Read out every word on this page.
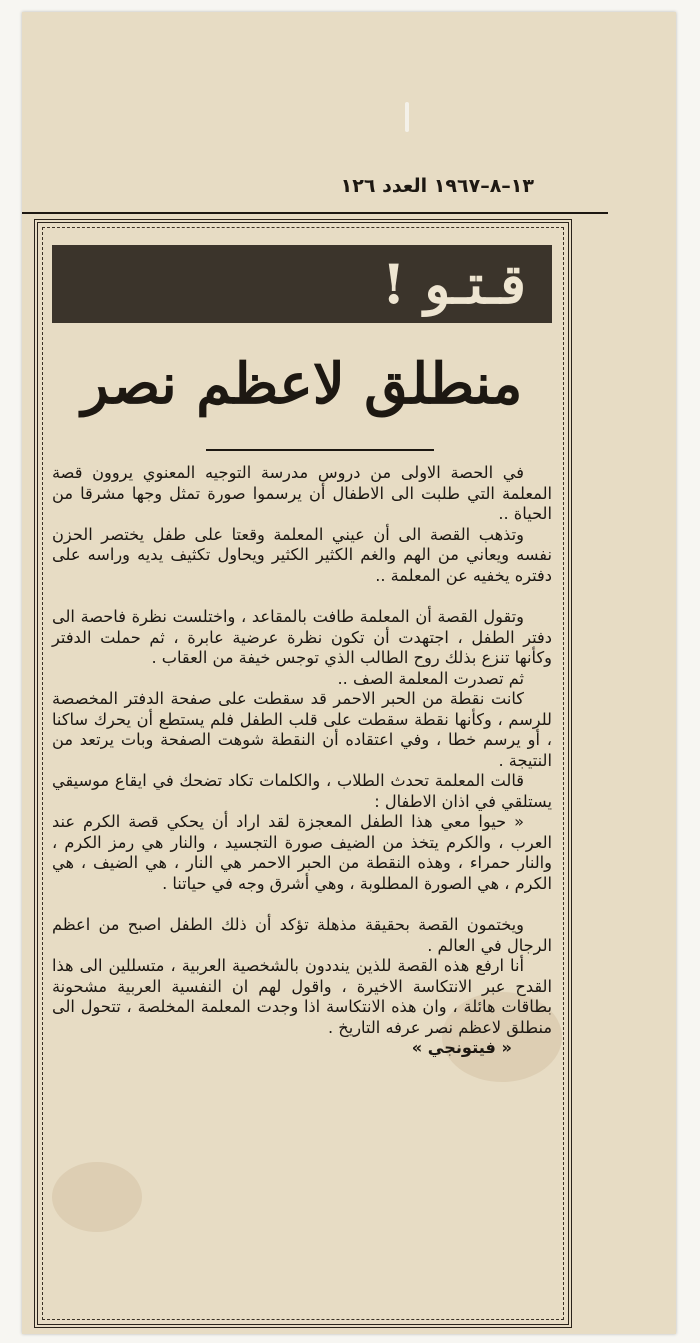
١٣–٨–١٩٦٧ العدد ١٢٦
قـتـو !
منطلق لاعظم نصر

في الحصة الاولى من دروس مدرسة التوجيه المعنوي يروون قصة المعلمة التي طلبت الى الاطفال أن يرسموا صورة تمثل وجها مشرقا من الحياة ..

وتذهب القصة الى أن عيني المعلمة وقعتا على طفل يختصر الحزن نفسه ويعاني من الهم والغم الكثير الكثير ويحاول تكثيف يديه وراسه على دفتره يخفيه عن المعلمة ..

وتقول القصة أن المعلمة طافت بالمقاعد ، واختلست نظرة فاحصة الى دفتر الطفل ، اجتهدت أن تكون نظرة عرضية عابرة ، ثم حملت الدفتر وكأنها تنزع بذلك روح الطالب الذي توجس خيفة من العقاب .

ثم تصدرت المعلمة الصف ..

كانت نقطة من الحبر الاحمر قد سقطت على صفحة الدفتر المخصصة للرسم ، وكأنها نقطة سقطت على قلب الطفل فلم يستطع أن يحرك ساكنا ، أو يرسم خطا ، وفي اعتقاده أن النقطة شوهت الصفحة وبات يرتعد من النتيجة .

قالت المعلمة تحدث الطلاب ، والكلمات تكاد تضحك في ايقاع موسيقي يستلقي في اذان الاطفال :

« حيوا معي هذا الطفل المعجزة لقد اراد أن يحكي قصة الكرم عند العرب ، والكرم يتخذ من الضيف صورة التجسيد ، والنار هي رمز الكرم ، والنار حمراء ، وهذه النقطة من الحبر الاحمر هي النار ، هي الضيف ، هي الكرم ، هي الصورة المطلوبة ، وهي أشرق وجه في حياتنا .

ويختمون القصة بحقيقة مذهلة تؤكد أن ذلك الطفل اصبح من اعظم الرجال في العالم .

أنا ارفع هذه القصة للذين ينددون بالشخصية العربية ، متسللين الى هذا القدح عبر الانتكاسة الاخيرة ، واقول لهم ان النفسية العربية مشحونة بطاقات هائلة ، وان هذه الانتكاسة اذا وجدت المعلمة المخلصة ، تتحول الى منطلق لاعظم نصر عرفه التاريخ .

« فيتونجي »
